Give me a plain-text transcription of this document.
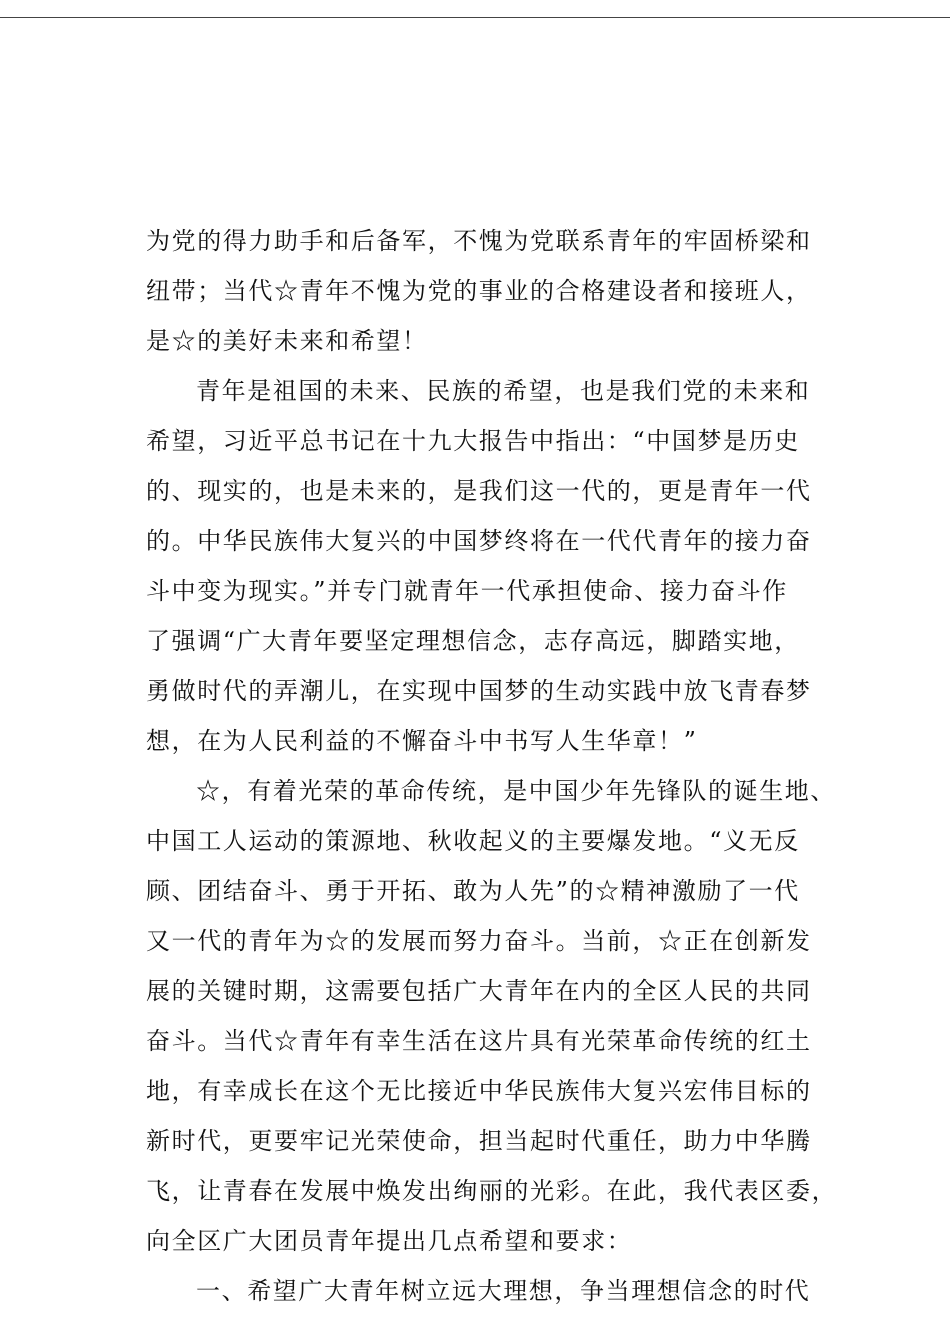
为党的得力助手和后备军，不愧为党联系青年的牢固桥梁和
纽带；当代☆青年不愧为党的事业的合格建设者和接班人，
是☆的美好未来和希望！
青年是祖国的未来、民族的希望，也是我们党的未来和
希望，习近平总书记在十九大报告中指出：“中国梦是历史
的、现实的，也是未来的，是我们这一代的，更是青年一代
的。中华民族伟大复兴的中国梦终将在一代代青年的接力奋
斗中变为现实。”并专门就青年一代承担使命、接力奋斗作
了强调“广大青年要坚定理想信念，志存高远，脚踏实地，
勇做时代的弄潮儿，在实现中国梦的生动实践中放飞青春梦
想，在为人民利益的不懈奋斗中书写人生华章！”
☆，有着光荣的革命传统，是中国少年先锋队的诞生地、
中国工人运动的策源地、秋收起义的主要爆发地。“义无反
顾、团结奋斗、勇于开拓、敢为人先”的☆精神激励了一代
又一代的青年为☆的发展而努力奋斗。当前，☆正在创新发
展的关键时期，这需要包括广大青年在内的全区人民的共同
奋斗。当代☆青年有幸生活在这片具有光荣革命传统的红土
地，有幸成长在这个无比接近中华民族伟大复兴宏伟目标的
新时代，更要牢记光荣使命，担当起时代重任，助力中华腾
飞，让青春在发展中焕发出绚丽的光彩。在此，我代表区委，
向全区广大团员青年提出几点希望和要求：
一、希望广大青年树立远大理想，争当理想信念的时代
